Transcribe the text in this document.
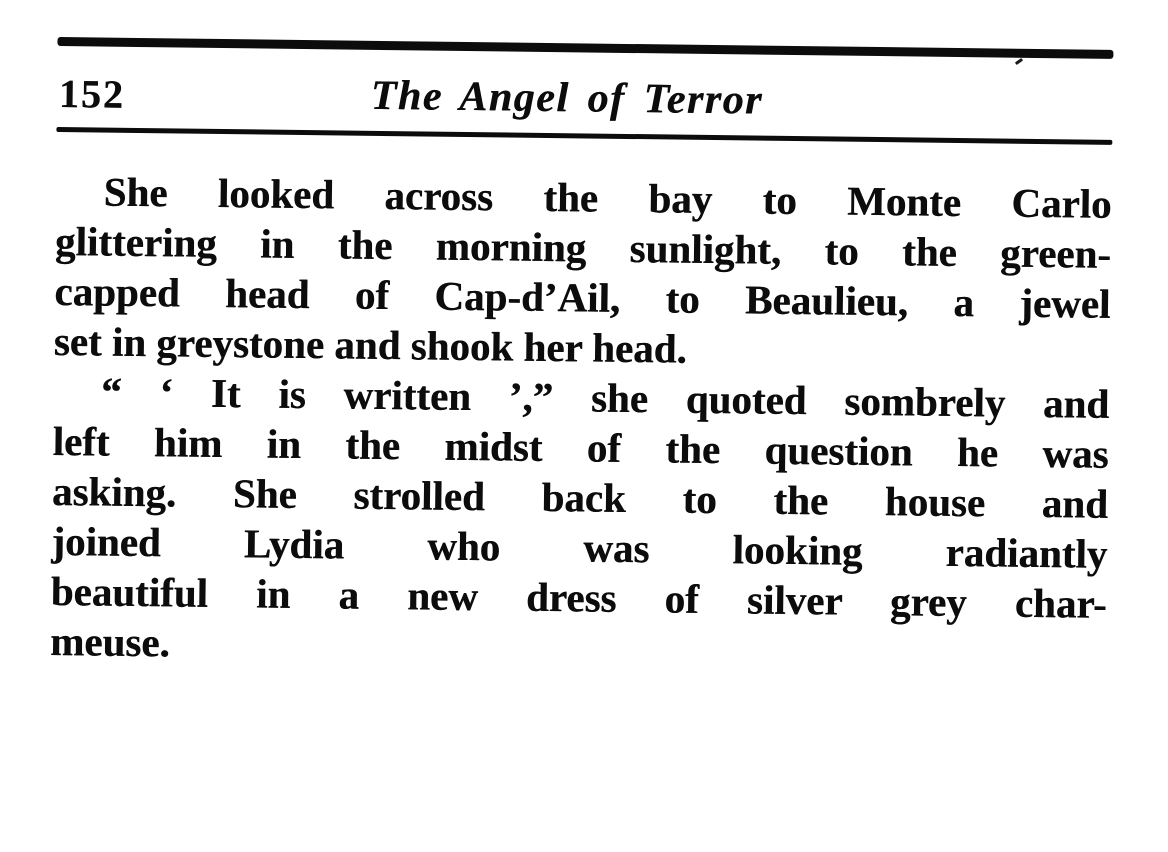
152	The Angel of Terror
She looked across the bay to Monte Carlo
glittering in the morning sunlight, to the green-
capped head of Cap-d’Ail, to Beaulieu, a jewel
set in greystone and shook her head.
“ ‘ It is written ’,” she quoted sombrely and
left him in the midst of the question he was
asking. She strolled back to the house and
joined Lydia who was looking radiantly
beautiful in a new dress of silver grey char-
meuse.
